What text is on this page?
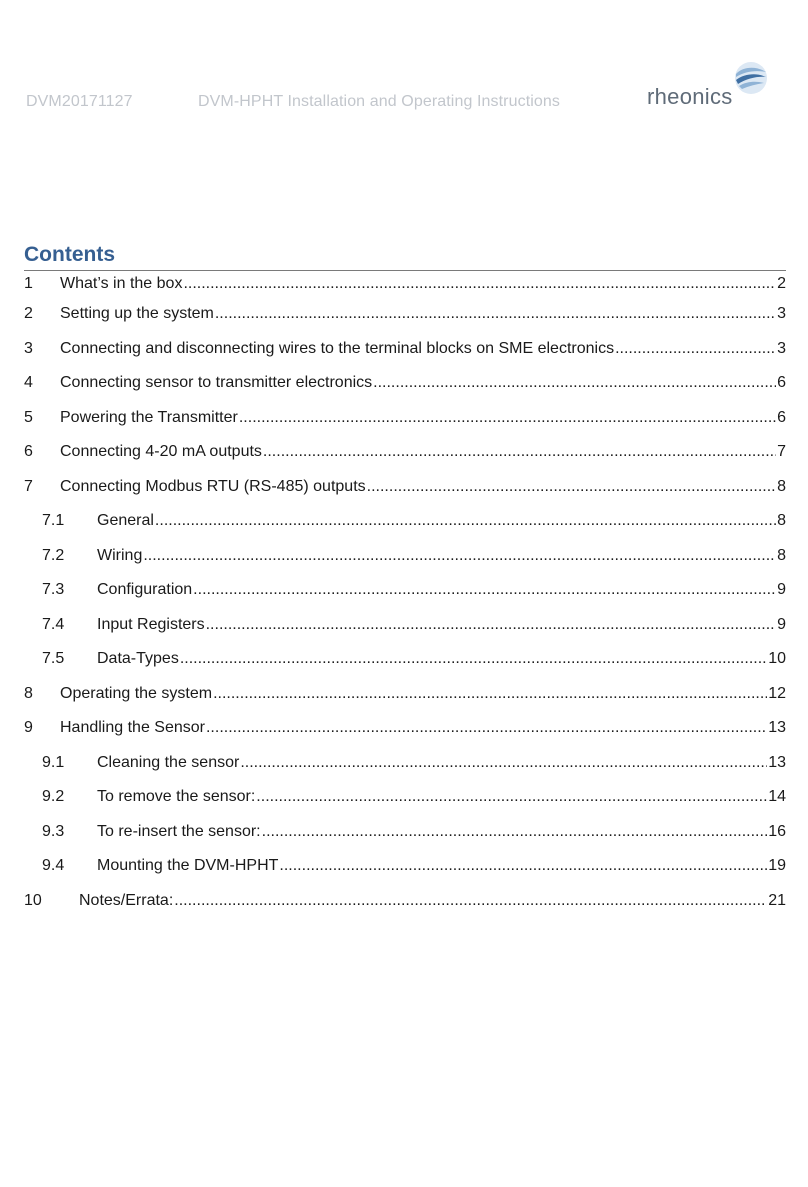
DVM20171127	DVM-HPHT Installation and Operating Instructions	rheonics
Contents
1	What’s in the box .....	2
2	Setting up the system .....	3
3	Connecting and disconnecting wires to the terminal blocks on SME electronics .....	3
4	Connecting sensor to transmitter electronics .....	6
5	Powering the Transmitter .....	6
6	Connecting 4-20 mA outputs .....	7
7	Connecting Modbus RTU (RS-485) outputs .....	8
7.1	General .....	8
7.2	Wiring .....	8
7.3	Configuration .....	9
7.4	Input Registers .....	9
7.5	Data-Types .....	10
8	Operating the system .....	12
9	Handling the Sensor .....	13
9.1	Cleaning the sensor .....	13
9.2	To remove the sensor: .....	14
9.3	To re-insert the sensor: .....	16
9.4	Mounting the DVM-HPHT .....	19
10	Notes/Errata: .....	21
